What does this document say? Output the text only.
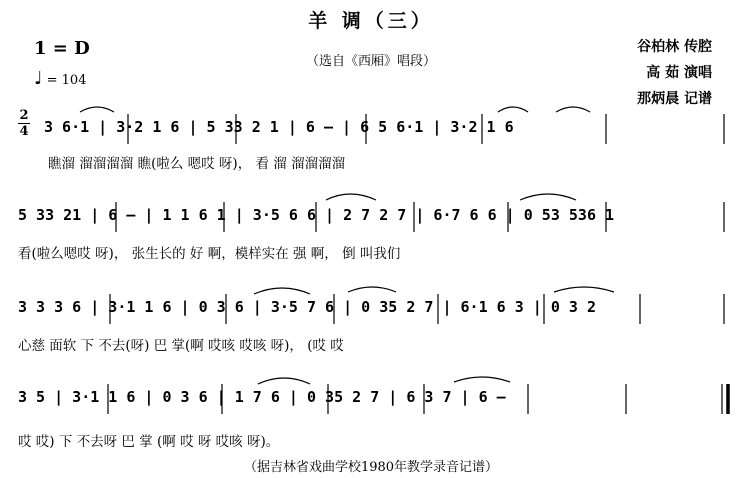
羊 调（三）
（选自《西厢》唱段）
1 = D
♩ = 104
谷柏林 传腔
高 茹 演唱
那炳晨 记谱
2
4 3 6·1 | 3·2 1 6 | 5 33 2 1 | 6 – | 6 5 6·1 | 3·2 1 6
瞧溜 溜溜溜溜 瞧(啦么 嗯哎 呀)， 看 溜 溜溜溜溜
5 33 21 | 6 – | 1 1 6 1 | 3·5 6 6 | 2 7 2 7 | 6·7 6 6 | 0 53 536 1
看(啦么嗯哎 呀)， 张生长的 好 啊，模样实在 强 啊， 倒 叫我们
3 3 3 6 | 3·1 1 6 | 0 3 6 | 3·5 7 6 | 0 35 2 7 | 6·1 6 3 | 0 3 2
心慈 面软 下 不去(呀) 巴 掌(啊 哎咳 哎咳 呀)， (哎 哎
3 5 | 3·1 1 6 | 0 3 6 | 1 7 6 | 0 35 2 7 | 6 3 7 | 6 –
哎 哎) 下 不去呀 巴 掌 (啊 哎 呀 哎咳 呀)。
（据吉林省戏曲学校1980年教学录音记谱）
